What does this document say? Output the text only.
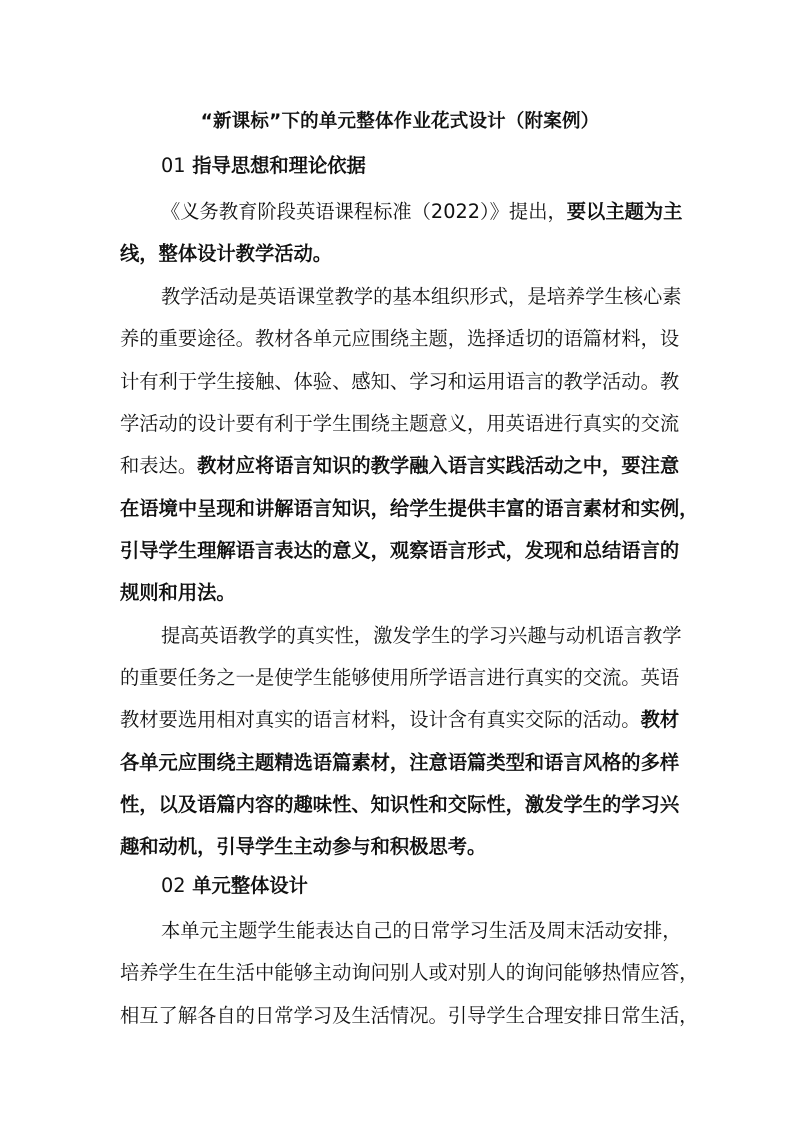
“新课标”下的单元整体作业花式设计（附案例）
01 指导思想和理论依据
《义务教育阶段英语课程标准（2022）》提出，要以主题为主
线，整体设计教学活动。
教学活动是英语课堂教学的基本组织形式，是培养学生核心素
养的重要途径。教材各单元应围绕主题，选择适切的语篇材料，设
计有利于学生接触、体验、感知、学习和运用语言的教学活动。教
学活动的设计要有利于学生围绕主题意义，用英语进行真实的交流
和表达。教材应将语言知识的教学融入语言实践活动之中，要注意
在语境中呈现和讲解语言知识，给学生提供丰富的语言素材和实例，
引导学生理解语言表达的意义，观察语言形式，发现和总结语言的
规则和用法。
提高英语教学的真实性，激发学生的学习兴趣与动机语言教学
的重要任务之一是使学生能够使用所学语言进行真实的交流。英语
教材要选用相对真实的语言材料，设计含有真实交际的活动。教材
各单元应围绕主题精选语篇素材，注意语篇类型和语言风格的多样
性，以及语篇内容的趣味性、知识性和交际性，激发学生的学习兴
趣和动机，引导学生主动参与和积极思考。
02 单元整体设计
本单元主题学生能表达自己的日常学习生活及周末活动安排，
培养学生在生活中能够主动询问别人或对别人的询问能够热情应答，
相互了解各自的日常学习及生活情况。引导学生合理安排日常生活，
